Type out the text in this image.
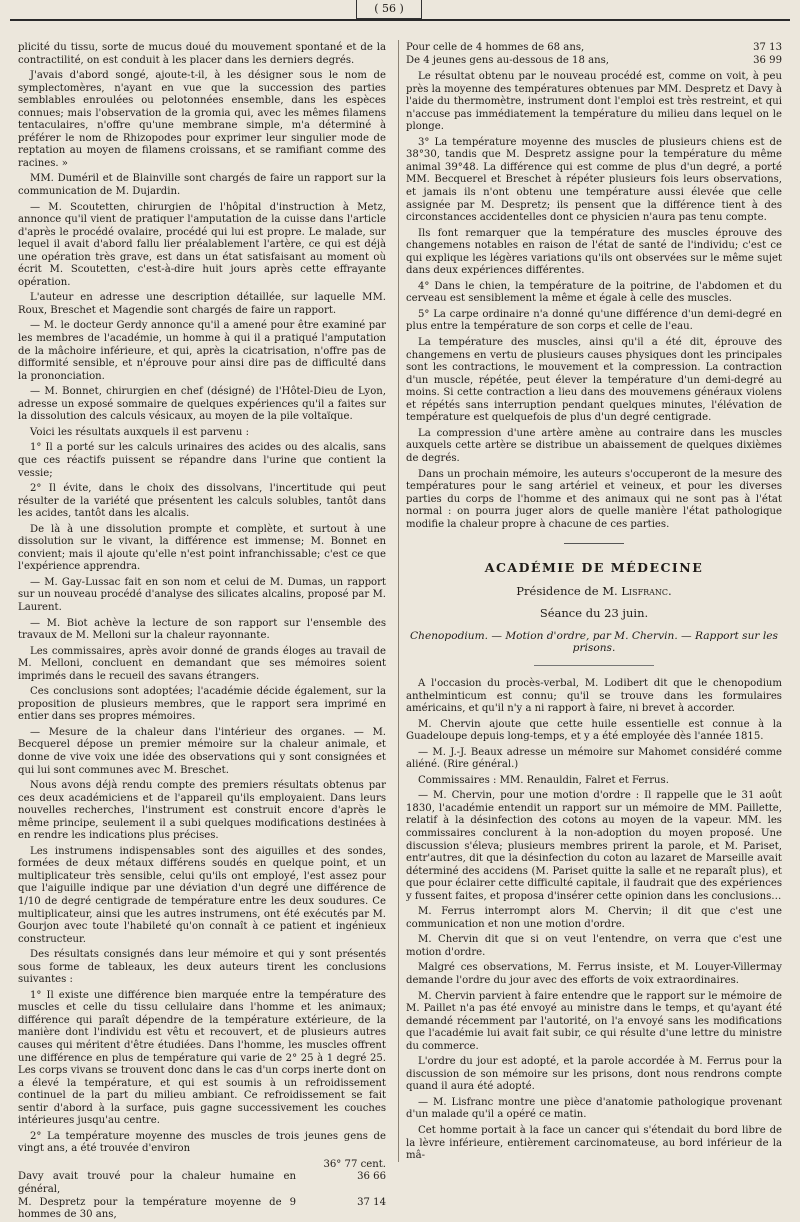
( 56 )

plicité du tissu, sorte de mucus doué du mouvement spontané et de la contractilité, on est conduit à les placer dans les derniers degrés.

J'avais d'abord songé, ajoute-t-il, à les désigner sous le nom de symplectomères, n'ayant en vue que la succession des parties semblables enroulées ou pelotonnées ensemble, dans les espèces connues; mais l'observation de la gromia qui, avec les mêmes filamens tentaculaires, n'offre qu'une membrane simple, m'a déterminé à préférer le nom de Rhizopodes pour exprimer leur singulier mode de reptation au moyen de filamens croissans, et se ramifiant comme des racines. »

MM. Duméril et de Blainville sont chargés de faire un rapport sur la communication de M. Dujardin.

— M. Scoutetten, chirurgien de l'hôpital d'instruction à Metz, annonce qu'il vient de pratiquer l'amputation de la cuisse dans l'article d'après le procédé ovalaire, procédé qui lui est propre. Le malade, sur lequel il avait d'abord fallu lier préalablement l'artère, ce qui est déjà une opération très grave, est dans un état satisfaisant au moment où écrit M. Scoutetten, c'est-à-dire huit jours après cette effrayante opération.

L'auteur en adresse une description détaillée, sur laquelle MM. Roux, Breschet et Magendie sont chargés de faire un rapport.

— M. le docteur Gerdy annonce qu'il a amené pour être examiné par les membres de l'académie, un homme à qui il a pratiqué l'amputation de la mâchoire inférieure, et qui, après la cicatrisation, n'offre pas de difformité sensible, et n'éprouve pour ainsi dire pas de difficulté dans la prononciation.

— M. Bonnet, chirurgien en chef (désigné) de l'Hôtel-Dieu de Lyon, adresse un exposé sommaire de quelques expériences qu'il a faites sur la dissolution des calculs vésicaux, au moyen de la pile voltaïque.

Voici les résultats auxquels il est parvenu :

1° Il a porté sur les calculs urinaires des acides ou des alcalis, sans que ces réactifs puissent se répandre dans l'urine que contient la vessie;

2° Il évite, dans le choix des dissolvans, l'incertitude qui peut résulter de la variété que présentent les calculs solubles, tantôt dans les acides, tantôt dans les alcalis.

De là à une dissolution prompte et complète, et surtout à une dissolution sur le vivant, la différence est immense; M. Bonnet en convient; mais il ajoute qu'elle n'est point infranchissable; c'est ce que l'expérience apprendra.

— M. Gay-Lussac fait en son nom et celui de M. Dumas, un rapport sur un nouveau procédé d'analyse des silicates alcalins, proposé par M. Laurent.

— M. Biot achève la lecture de son rapport sur l'ensemble des travaux de M. Melloni sur la chaleur rayonnante.

Les commissaires, après avoir donné de grands éloges au travail de M. Melloni, concluent en demandant que ses mémoires soient imprimés dans le recueil des savans étrangers.

Ces conclusions sont adoptées; l'académie décide également, sur la proposition de plusieurs membres, que le rapport sera imprimé en entier dans ses propres mémoires.

— Mesure de la chaleur dans l'intérieur des organes. — M. Becquerel dépose un premier mémoire sur la chaleur animale, et donne de vive voix une idée des observations qui y sont consignées et qui lui sont communes avec M. Breschet.

Nous avons déjà rendu compte des premiers résultats obtenus par ces deux académiciens et de l'appareil qu'ils employaient. Dans leurs nouvelles recherches, l'instrument est construit encore d'après le même principe, seulement il a subi quelques modifications destinées à en rendre les indications plus précises.

Les instrumens indispensables sont des aiguilles et des sondes, formées de deux métaux différens soudés en quelque point, et un multiplicateur très sensible, celui qu'ils ont employé, l'est assez pour que l'aiguille indique par une déviation d'un degré une différence de 1/10 de degré centigrade de température entre les deux soudures. Ce multiplicateur, ainsi que les autres instrumens, ont été exécutés par M. Gourjon avec toute l'habileté qu'on connaît à ce patient et ingénieux constructeur.

Des résultats consignés dans leur mémoire et qui y sont présentés sous forme de tableaux, les deux auteurs tirent les conclusions suivantes :

1° Il existe une différence bien marquée entre la température des muscles et celle du tissu cellulaire dans l'homme et les animaux; différence qui paraît dépendre de la température extérieure, de la manière dont l'individu est vêtu et recouvert, et de plusieurs autres causes qui méritent d'être étudiées. Dans l'homme, les muscles offrent une différence en plus de température qui varie de 2° 25 à 1 degré 25. Les corps vivans se trouvent donc dans le cas d'un corps inerte dont on a élevé la température, et qui est soumis à un refroidissement continuel de la part du milieu ambiant. Ce refroidissement se fait sentir d'abord à la surface, puis gagne successivement les couches intérieures jusqu'au centre.

2° La température moyenne des muscles de trois jeunes gens de vingt ans, a été trouvée d'environ

36° 77 cent.
Davy avait trouvé pour la chaleur humaine en général,
36 66
M. Despretz pour la température moyenne de 9 hommes de 30 ans,
37 14
Pour celle de 4 hommes de 68 ans,	37 13
De 4 jeunes gens au-dessous de 18 ans,	36 99

Le résultat obtenu par le nouveau procédé est, comme on voit, à peu près la moyenne des températures obtenues par MM. Despretz et Davy à l'aide du thermomètre, instrument dont l'emploi est très restreint, et qui n'accuse pas immédiatement la température du milieu dans lequel on le plonge.

3° La température moyenne des muscles de plusieurs chiens est de 38°30, tandis que M. Despretz assigne pour la température du même animal 39°48. La différence qui est comme de plus d'un degré, a porté MM. Becquerel et Breschet à répéter plusieurs fois leurs observations, et jamais ils n'ont obtenu une température aussi élevée que celle assignée par M. Despretz; ils pensent que la différence tient à des circonstances accidentelles dont ce physicien n'aura pas tenu compte.

Ils font remarquer que la température des muscles éprouve des changemens notables en raison de l'état de santé de l'individu; c'est ce qui explique les légères variations qu'ils ont observées sur le même sujet dans deux expériences différentes.

4° Dans le chien, la température de la poitrine, de l'abdomen et du cerveau est sensiblement la même et égale à celle des muscles.

5° La carpe ordinaire n'a donné qu'une différence d'un demi-degré en plus entre la température de son corps et celle de l'eau.

La température des muscles, ainsi qu'il a été dit, éprouve des changemens en vertu de plusieurs causes physiques dont les principales sont les contractions, le mouvement et la compression. La contraction d'un muscle, répétée, peut élever la température d'un demi-degré au moins. Si cette contraction a lieu dans des mouvemens généraux violens et répétés sans interruption pendant quelques minutes, l'élévation de température est quelquefois de plus d'un degré centigrade.

La compression d'une artère amène au contraire dans les muscles auxquels cette artère se distribue un abaissement de quelques dixièmes de degrés.

Dans un prochain mémoire, les auteurs s'occuperont de la mesure des températures pour le sang artériel et veineux, et pour les diverses parties du corps de l'homme et des animaux qui ne sont pas à l'état normal : on pourra juger alors de quelle manière l'état pathologique modifie la chaleur propre à chacune de ces parties.

ACADÉMIE DE MÉDECINE
Présidence de M. Lisfranc.
Séance du 23 juin.
Chenopodium. — Motion d'ordre, par M. Chervin. — Rapport sur les prisons.

A l'occasion du procès-verbal, M. Lodibert dit que le chenopodium anthelminticum est connu; qu'il se trouve dans les formulaires américains, et qu'il n'y a ni rapport à faire, ni brevet à accorder.

M. Chervin ajoute que cette huile essentielle est connue à la Guadeloupe depuis long-temps, et y a été employée dès l'année 1815.

— M. J.-J. Beaux adresse un mémoire sur Mahomet considéré comme aliéné. (Rire général.)

Commissaires : MM. Renauldin, Falret et Ferrus.

— M. Chervin, pour une motion d'ordre : Il rappelle que le 31 août 1830, l'académie entendit un rapport sur un mémoire de MM. Paillette, relatif à la désinfection des cotons au moyen de la vapeur. MM. les commissaires conclurent à la non-adoption du moyen proposé. Une discussion s'éleva; plusieurs membres prirent la parole, et M. Pariset, entr'autres, dit que la désinfection du coton au lazaret de Marseille avait déterminé des accidens (M. Pariset quitte la salle et ne reparaît plus), et que pour éclairer cette difficulté capitale, il faudrait que des expériences y fussent faites, et proposa d'insérer cette opinion dans les conclusions…

M. Ferrus interrompt alors M. Chervin; il dit que c'est une communication et non une motion d'ordre.

M. Chervin dit que si on veut l'entendre, on verra que c'est une motion d'ordre.

Malgré ces observations, M. Ferrus insiste, et M. Louyer-Villermay demande l'ordre du jour avec des efforts de voix extraordinaires.

M. Chervin parvient à faire entendre que le rapport sur le mémoire de M. Paillet n'a pas été envoyé au ministre dans le temps, et qu'ayant été demandé récemment par l'autorité, on l'a envoyé sans les modifications que l'académie lui avait fait subir, ce qui résulte d'une lettre du ministre du commerce.

L'ordre du jour est adopté, et la parole accordée à M. Ferrus pour la discussion de son mémoire sur les prisons, dont nous rendrons compte quand il aura été adopté.

— M. Lisfranc montre une pièce d'anatomie pathologique provenant d'un malade qu'il a opéré ce matin.

Cet homme portait à la face un cancer qui s'étendait du bord libre de la lèvre inférieure, entièrement carcinomateuse, au bord inférieur de la mâ-
